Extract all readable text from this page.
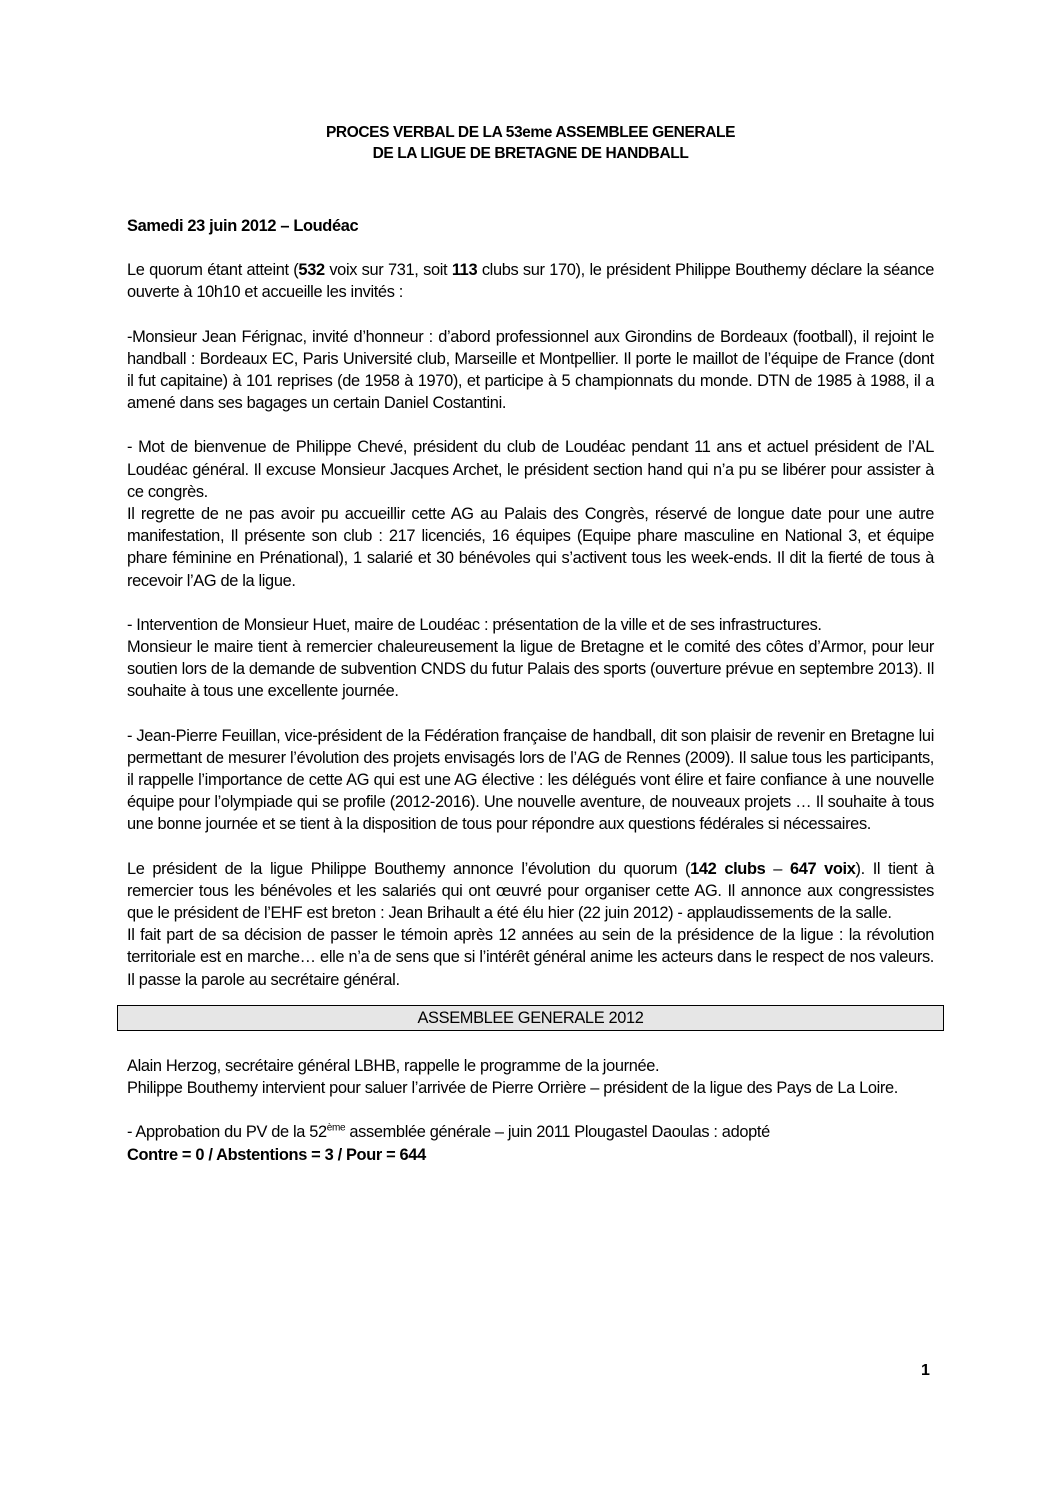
PROCES VERBAL DE LA 53eme ASSEMBLEE GENERALE

DE LA LIGUE DE BRETAGNE DE HANDBALL

Samedi 23 juin 2012 – Loudéac

Le quorum étant atteint (532 voix sur 731, soit 113 clubs sur 170), le président Philippe Bouthemy déclare la séance ouverte à 10h10 et accueille les invités :

-Monsieur Jean Férignac, invité d’honneur : d’abord professionnel aux Girondins de Bordeaux (football), il rejoint le handball : Bordeaux EC, Paris Université club, Marseille et Montpellier. Il porte le maillot de l’équipe de France (dont il fut capitaine) à 101 reprises (de 1958 à 1970), et participe à 5 championnats du monde. DTN de 1985 à 1988, il a amené dans ses bagages un certain Daniel Costantini.

- Mot de bienvenue de Philippe Chevé, président du club de Loudéac pendant 11 ans et actuel président de l’AL Loudéac général. Il excuse Monsieur Jacques Archet, le président section hand qui n’a pu se libérer pour assister à ce congrès.

Il regrette de ne pas avoir pu accueillir cette AG au Palais des Congrès, réservé de longue date pour une autre manifestation, Il présente son club : 217 licenciés, 16 équipes (Equipe phare masculine en National 3, et équipe phare féminine en Prénational), 1 salarié et 30 bénévoles qui s’activent tous les week-ends. Il dit la fierté de tous à recevoir l’AG de la ligue.

- Intervention de Monsieur Huet, maire de Loudéac : présentation de la ville et de ses infrastructures.

Monsieur le maire tient à remercier chaleureusement la ligue de Bretagne et le comité des côtes d’Armor, pour leur soutien lors de la demande de subvention CNDS du futur Palais des sports (ouverture prévue en septembre 2013). Il souhaite à tous une excellente journée.

- Jean-Pierre Feuillan, vice-président de la Fédération française de handball, dit son plaisir de revenir en Bretagne lui permettant de mesurer l’évolution des projets envisagés lors de l’AG de Rennes (2009). Il salue tous les participants, il rappelle l’importance de cette AG qui est une AG élective : les délégués vont élire et faire confiance à une nouvelle équipe pour l’olympiade qui se profile (2012-2016). Une nouvelle aventure, de nouveaux projets … Il souhaite à tous une bonne journée et se tient à la disposition de tous pour répondre aux questions fédérales si nécessaires.

Le président de la ligue Philippe Bouthemy annonce l’évolution du quorum (142 clubs – 647 voix). Il tient à remercier tous les bénévoles et les salariés qui ont œuvré pour organiser cette AG. Il annonce aux congressistes que le président de l’EHF est breton : Jean Brihault a été élu hier (22 juin 2012) - applaudissements de la salle.

Il fait part de sa décision de passer le témoin après 12 années au sein de la présidence de la ligue : la révolution territoriale est en marche… elle n’a de sens que si l’intérêt général anime les acteurs dans le respect de nos valeurs. Il passe la parole au secrétaire général.

ASSEMBLEE GENERALE 2012

Alain Herzog, secrétaire général LBHB, rappelle le programme de la journée.

Philippe Bouthemy intervient pour saluer l’arrivée de Pierre Orrière – président de la ligue des Pays de La Loire.

- Approbation du PV de la 52ème assemblée générale – juin 2011 Plougastel Daoulas : adopté

Contre = 0 / Abstentions = 3 / Pour = 644

1
